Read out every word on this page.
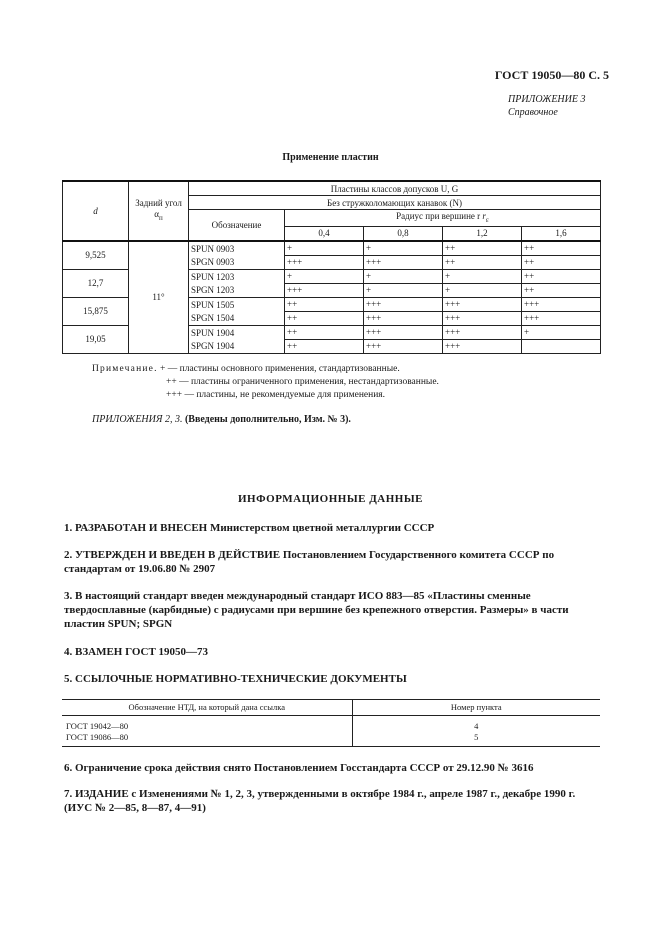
ГОСТ 19050—80 С. 5
ПРИЛОЖЕНИЕ 3
Справочное
Применение пластин
d	Задний угол $\alpha_п$	Пластины классов допусков U, G				
		Без стружколомающих канавок (N)				
		Обозначение	Радиус при вершине r $r_\varepsilon$
			0,4	0,8	1,2	1,6
9,525	11°	SPUN 0903	+	+	++	++
		SPGN 0903	+++	+++	++	++
12,7		SPUN 1203	+	+	+	++
		SPGN 1203	+++	+	+	++
15,875		SPUN 1505	++	+++	+++	+++
		SPGN 1504	++	+++	+++	+++
19,05		SPUN 1904	++	+++	+++	+
		SPGN 1904	++	+++	+++	
Примечание. + — пластины основного применения, стандартизованные.
++ — пластины ограниченного применения, нестандартизованные.
+++ — пластины, не рекомендуемые для применения.
ПРИЛОЖЕНИЯ 2, 3. (Введены дополнительно, Изм. № 3).
ИНФОРМАЦИОННЫЕ ДАННЫЕ
1. РАЗРАБОТАН И ВНЕСЕН Министерством цветной металлургии СССР
2. УТВЕРЖДЕН И ВВЕДЕН В ДЕЙСТВИЕ Постановлением Государственного комитета СССР по стандартам от 19.06.80 № 2907
3. В настоящий стандарт введен международный стандарт ИСО 883—85 «Пластины сменные твердосплавные (карбидные) с радиусами при вершине без крепежного отверстия. Размеры» в части пластин SPUN; SPGN
4. ВЗАМЕН ГОСТ 19050—73
5. ССЫЛОЧНЫЕ НОРМАТИВНО-ТЕХНИЧЕСКИЕ ДОКУМЕНТЫ
Обозначение НТД, на который дана ссылка	Номер пункта
ГОСТ 19042—80	4
ГОСТ 19086—80	5
6. Ограничение срока действия снято Постановлением Госстандарта СССР от 29.12.90 № 3616
7. ИЗДАНИЕ с Изменениями № 1, 2, 3, утвержденными в октябре 1984 г., апреле 1987 г., декабре 1990 г. (ИУС № 2—85, 8—87, 4—91)
